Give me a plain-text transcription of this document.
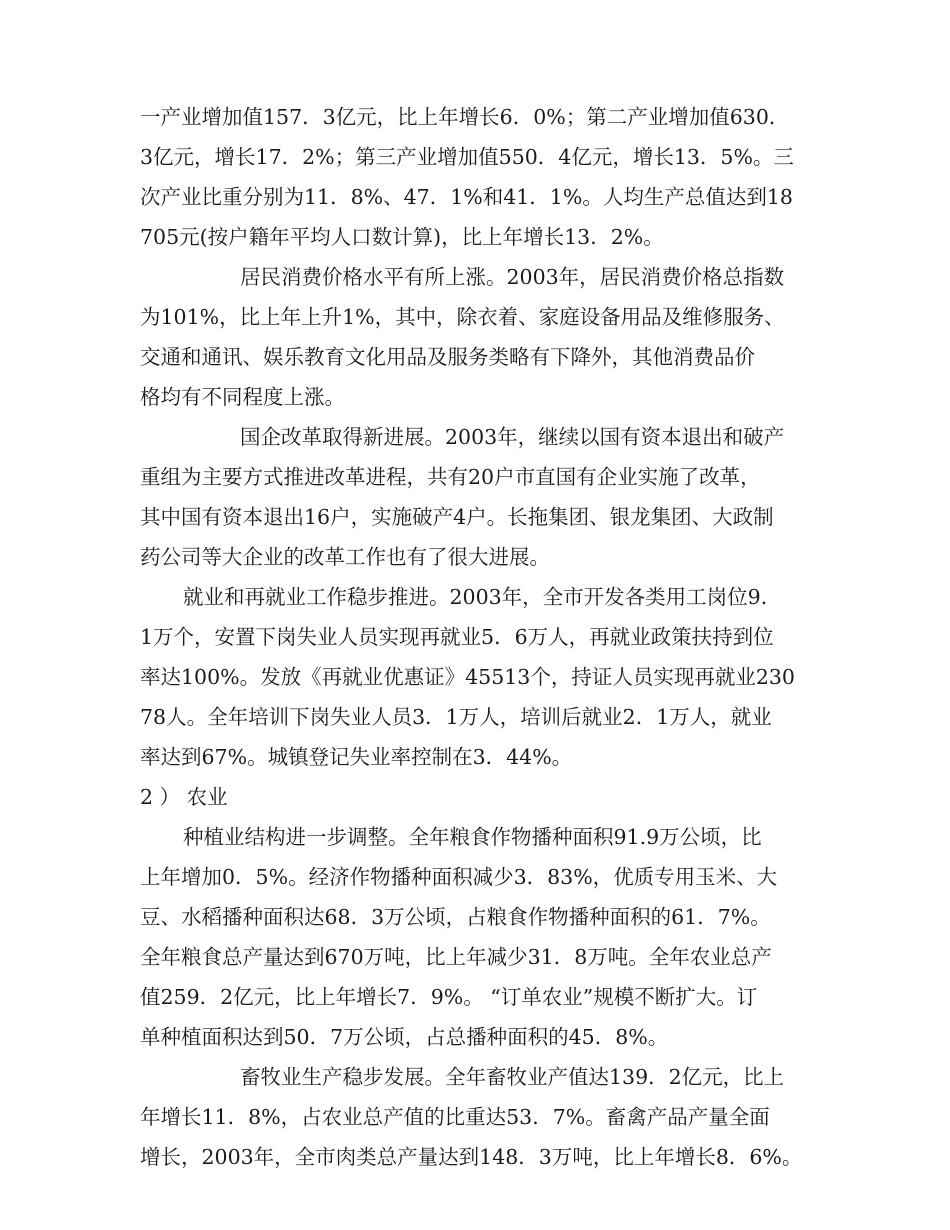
一产业增加值157．3亿元，比上年增长6．0%；第二产业增加值630．
3亿元，增长17．2%；第三产业增加值550．4亿元，增长13．5%。三
次产业比重分别为11．8%、47．1%和41．1%。人均生产总值达到18
705元(按户籍年平均人口数计算)，比上年增长13．2%。
居民消费价格水平有所上涨。2003年，居民消费价格总指数
为101%，比上年上升1%，其中，除衣着、家庭设备用品及维修服务、
交通和通讯、娱乐教育文化用品及服务类略有下降外，其他消费品价
格均有不同程度上涨。
国企改革取得新进展。2003年，继续以国有资本退出和破产
重组为主要方式推进改革进程，共有20户市直国有企业实施了改革，
其中国有资本退出16户，实施破产4户。长拖集团、银龙集团、大政制
药公司等大企业的改革工作也有了很大进展。
就业和再就业工作稳步推进。2003年，全市开发各类用工岗位9．
1万个，安置下岗失业人员实现再就业5．6万人，再就业政策扶持到位
率达100%。发放《再就业优惠证》45513个，持证人员实现再就业230
78人。全年培训下岗失业人员3．1万人，培训后就业2．1万人，就业
率达到67%。城镇登记失业率控制在3．44%。
2 ） 农业
种植业结构进一步调整。全年粮食作物播种面积91.9万公顷，比
上年增加0．5%。经济作物播种面积减少3．83%，优质专用玉米、大
豆、水稻播种面积达68．3万公顷，占粮食作物播种面积的61．7%。
全年粮食总产量达到670万吨，比上年减少31．8万吨。全年农业总产
值259．2亿元，比上年增长7．9%。 “订单农业”规模不断扩大。订
单种植面积达到50．7万公顷，占总播种面积的45．8%。
畜牧业生产稳步发展。全年畜牧业产值达139．2亿元，比上
年增长11．8%，占农业总产值的比重达53．7%。畜禽产品产量全面
增长，2003年，全市肉类总产量达到148．3万吨，比上年增长8．6%。
